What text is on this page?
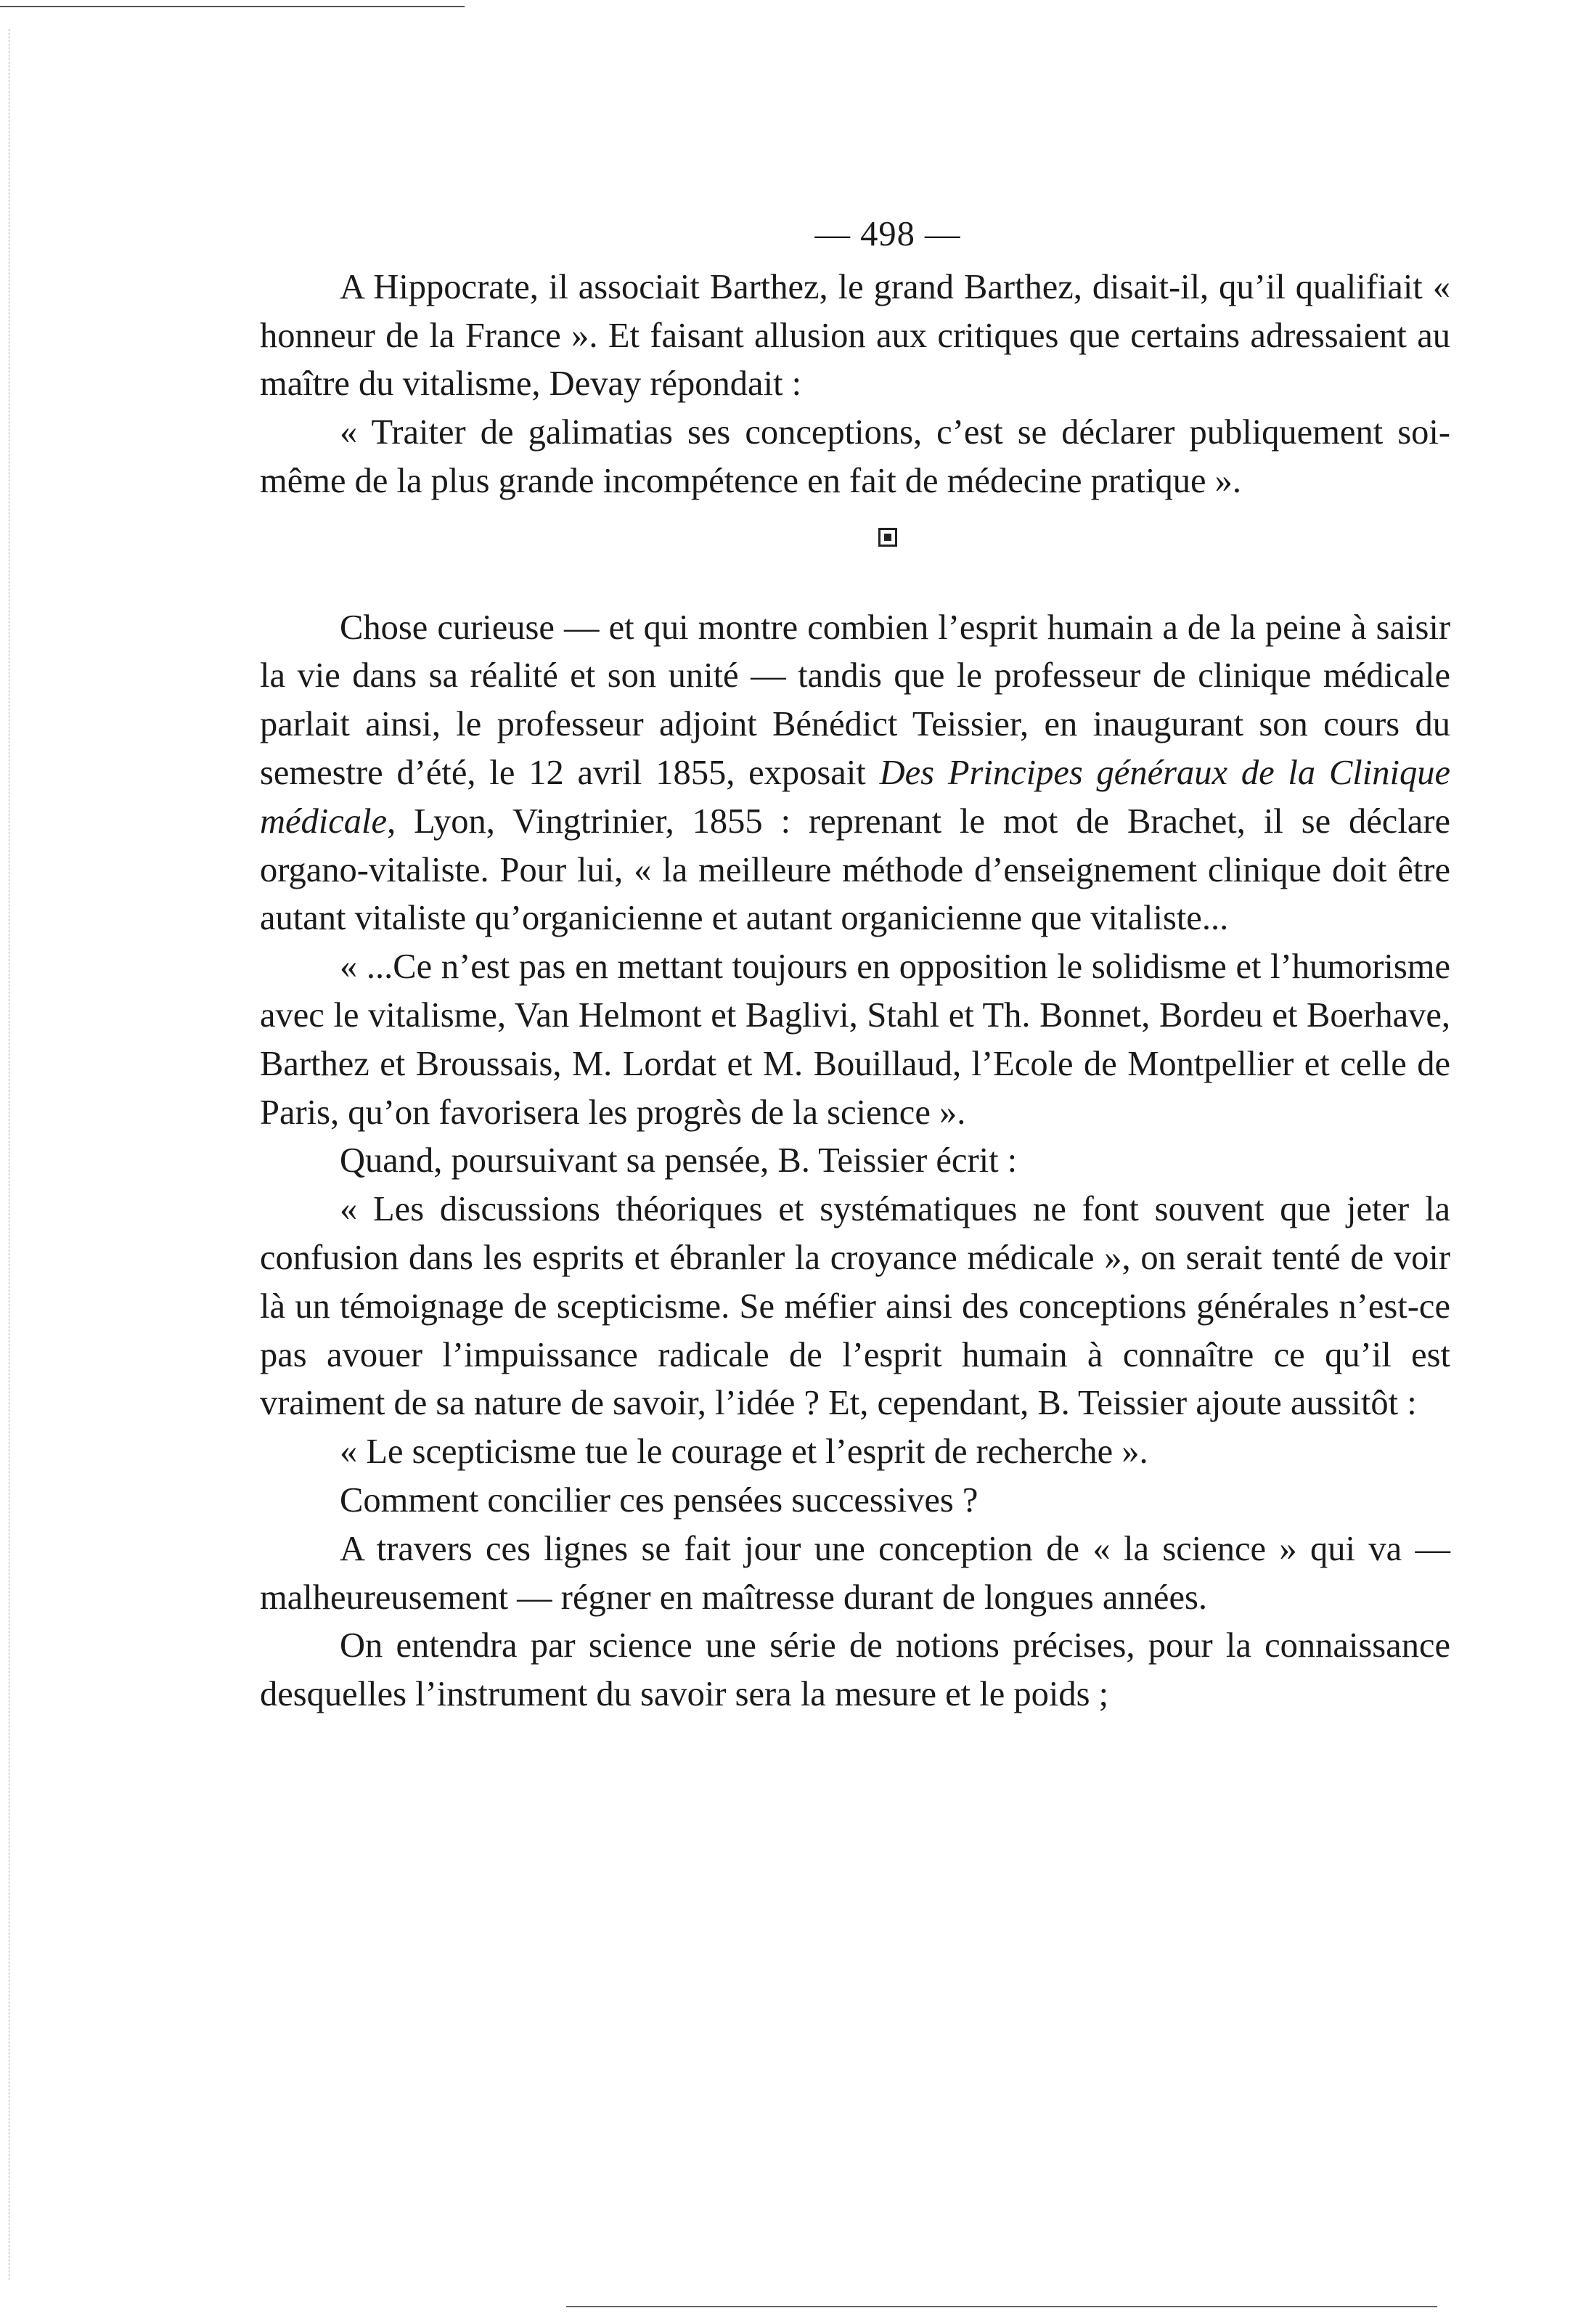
— 498 —

A Hippocrate, il associait Barthez, le grand Barthez, disait-il, qu’il qualifiait « honneur de la France ». Et faisant allusion aux critiques que certains adressaient au maître du vitalisme, Devay répondait :

« Traiter de galimatias ses conceptions, c’est se déclarer publiquement soi-même de la plus grande incompétence en fait de médecine pratique ».

Chose curieuse — et qui montre combien l’esprit humain a de la peine à saisir la vie dans sa réalité et son unité — tandis que le professeur de clinique médicale parlait ainsi, le professeur adjoint Bénédict Teissier, en inaugurant son cours du semestre d’été, le 12 avril 1855, exposait Des Principes généraux de la Clinique médicale, Lyon, Vingtrinier, 1855 : reprenant le mot de Brachet, il se déclare organo-vitaliste. Pour lui, « la meilleure méthode d’enseignement clinique doit être autant vitaliste qu’organicienne et autant organicienne que vitaliste...

« ...Ce n’est pas en mettant toujours en opposition le solidisme et l’humorisme avec le vitalisme, Van Helmont et Baglivi, Stahl et Th. Bonnet, Bordeu et Boerhave, Barthez et Broussais, M. Lordat et M. Bouillaud, l’Ecole de Montpellier et celle de Paris, qu’on favorisera les progrès de la science ».

Quand, poursuivant sa pensée, B. Teissier écrit :

« Les discussions théoriques et systématiques ne font souvent que jeter la confusion dans les esprits et ébranler la croyance médicale », on serait tenté de voir là un témoignage de scepticisme. Se méfier ainsi des conceptions générales n’est-ce pas avouer l’impuissance radicale de l’esprit humain à connaître ce qu’il est vraiment de sa nature de savoir, l’idée ? Et, cependant, B. Teissier ajoute aussitôt :

« Le scepticisme tue le courage et l’esprit de recherche ».

Comment concilier ces pensées successives ?

A travers ces lignes se fait jour une conception de « la science » qui va — malheureusement — régner en maîtresse durant de longues années.

On entendra par science une série de notions précises, pour la connaissance desquelles l’instrument du savoir sera la mesure et le poids ;
